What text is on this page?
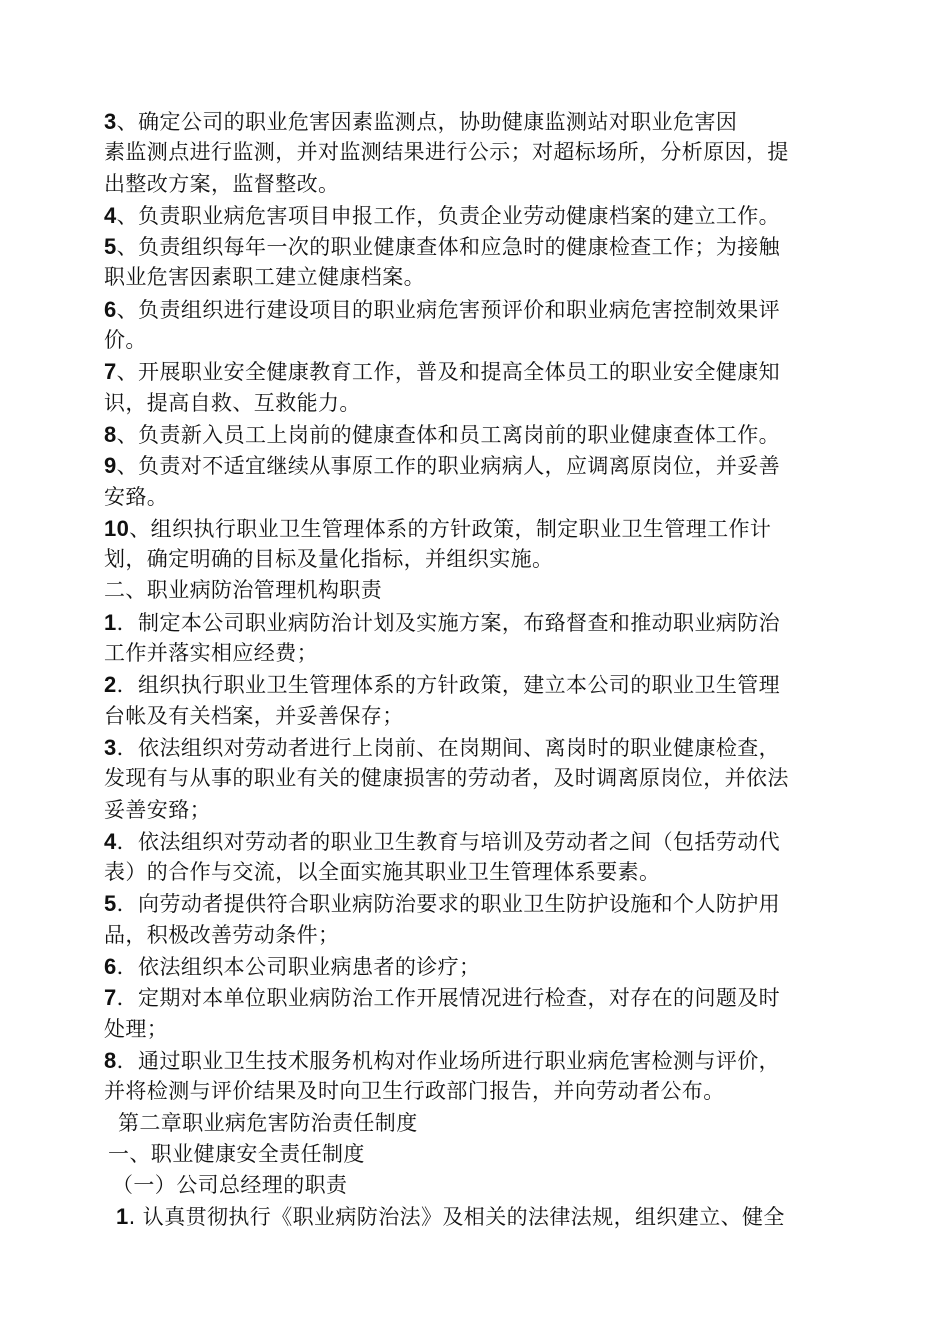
3、确定公司的职业危害因素监测点，协助健康监测站对职业危害因
素监测点进行监测，并对监测结果进行公示；对超标场所，分析原因，提
出整改方案，监督整改。
4、负责职业病危害项目申报工作，负责企业劳动健康档案的建立工作。
5、负责组织每年一次的职业健康查体和应急时的健康检查工作；为接触
职业危害因素职工建立健康档案。
6、负责组织进行建设项目的职业病危害预评价和职业病危害控制效果评
价。
7、开展职业安全健康教育工作，普及和提高全体员工的职业安全健康知
识，提高自救、互救能力。
8、负责新入员工上岗前的健康查体和员工离岗前的职业健康查体工作。
9、负责对不适宜继续从事原工作的职业病病人，应调离原岗位，并妥善
安臵。
10、组织执行职业卫生管理体系的方针政策，制定职业卫生管理工作计
划，确定明确的目标及量化指标，并组织实施。
二、职业病防治管理机构职责
1．制定本公司职业病防治计划及实施方案，布臵督查和推动职业病防治
工作并落实相应经费；
2．组织执行职业卫生管理体系的方针政策，建立本公司的职业卫生管理
台帐及有关档案，并妥善保存；
3．依法组织对劳动者进行上岗前、在岗期间、离岗时的职业健康检查，
发现有与从事的职业有关的健康损害的劳动者，及时调离原岗位，并依法
妥善安臵；
4．依法组织对劳动者的职业卫生教育与培训及劳动者之间（包括劳动代
表）的合作与交流，以全面实施其职业卫生管理体系要素。
5．向劳动者提供符合职业病防治要求的职业卫生防护设施和个人防护用
品，积极改善劳动条件；
6．依法组织本公司职业病患者的诊疗；
7．定期对本单位职业病防治工作开展情况进行检查，对存在的问题及时
处理；
8．通过职业卫生技术服务机构对作业场所进行职业病危害检测与评价，
并将检测与评价结果及时向卫生行政部门报告，并向劳动者公布。
第二章职业病危害防治责任制度
一、职业健康安全责任制度
（一）公司总经理的职责
1. 认真贯彻执行《职业病防治法》及相关的法律法规，组织建立、健全
